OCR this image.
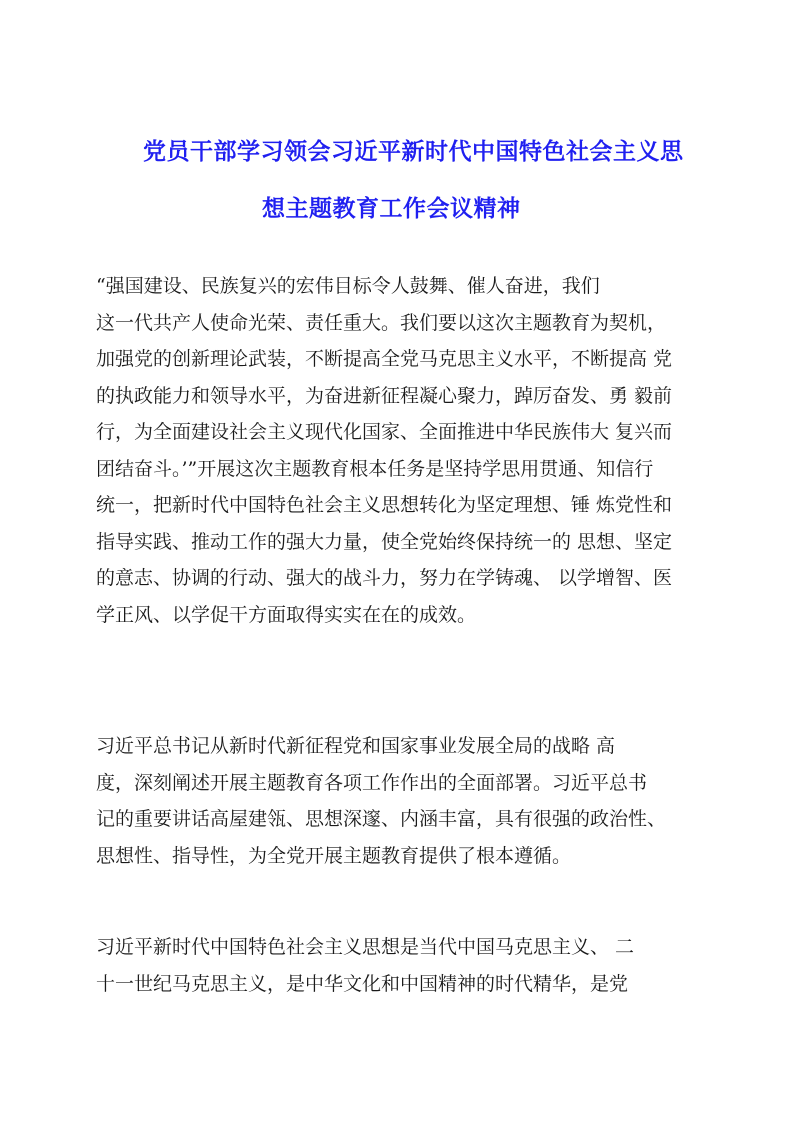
党员干部学习领会习近平新时代中国特色社会主义思
想主题教育工作会议精神
“强国建设、民族复兴的宏伟目标令人鼓舞、催人奋进，我们
这一代共产人使命光荣、责任重大。我们要以这次主题教育为契机，
加强党的创新理论武装，不断提高全党马克思主义水平，不断提高 党
的执政能力和领导水平，为奋进新征程凝心聚力，踔厉奋发、勇 毅前
行，为全面建设社会主义现代化国家、全面推进中华民族伟大 复兴而
团结奋斗。’”开展这次主题教育根本任务是坚持学思用贯通、知信行
统一，把新时代中国特色社会主义思想转化为坚定理想、锤 炼党性和
指导实践、推动工作的强大力量，使全党始终保持统一的 思想、坚定
的意志、协调的行动、强大的战斗力，努力在学铸魂、 以学增智、医
学正风、以学促干方面取得实实在在的成效。
习近平总书记从新时代新征程党和国家事业发展全局的战略 高
度，深刻阐述开展主题教育各项工作作出的全面部署。习近平总书
记的重要讲话高屋建瓴、思想深邃、内涵丰富，具有很强的政治性、
思想性、指导性，为全党开展主题教育提供了根本遵循。
习近平新时代中国特色社会主义思想是当代中国马克思主义、 二
十一世纪马克思主义，是中华文化和中国精神的时代精华，是党
